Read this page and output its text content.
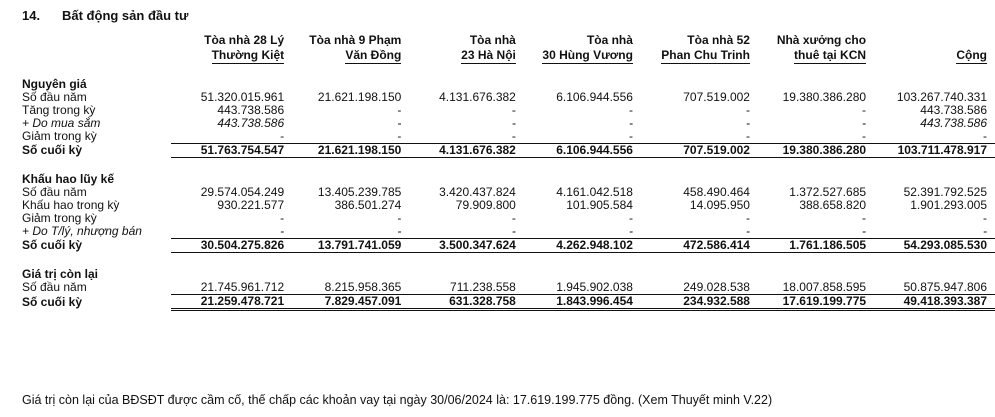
14. Bất động sản đầu tư
	Tòa nhà 28 Lý	Tòa nhà 9 Phạm	Tòa nhà	Tòa nhà	Tòa nhà 52	Nhà xưởng cho	
	Thường Kiệt	Văn Đồng	23 Hà Nội	30 Hùng Vương	Phan Chu Trinh	thuê tại KCN	Cộng

Nguyên giá							
Số đầu năm	51.320.015.961	21.621.198.150	4.131.676.382	6.106.944.556	707.519.002	19.380.386.280	103.267.740.331
Tăng trong kỳ	443.738.586	-	-	-	-	-	443.738.586
+ Do mua sắm	443.738.586	-	-	-	-	-	443.738.586
Giảm trong kỳ	-	-	-	-	-	-	-
Số cuối kỳ	51.763.754.547	21.621.198.150	4.131.676.382	6.106.944.556	707.519.002	19.380.386.280	103.711.478.917

Khấu hao lũy kế							
Số đầu năm	29.574.054.249	13.405.239.785	3.420.437.824	4.161.042.518	458.490.464	1.372.527.685	52.391.792.525
Khấu hao trong kỳ	930.221.577	386.501.274	79.909.800	101.905.584	14.095.950	388.658.820	1.901.293.005
Giảm trong kỳ	-	-	-	-	-	-	-
+ Do T/lý, nhượng bán	-	-	-	-	-	-	-
Số cuối kỳ	30.504.275.826	13.791.741.059	3.500.347.624	4.262.948.102	472.586.414	1.761.186.505	54.293.085.530

Giá trị còn lại							
Số đầu năm	21.745.961.712	8.215.958.365	711.238.558	1.945.902.038	249.028.538	18.007.858.595	50.875.947.806
Số cuối kỳ	21.259.478.721	7.829.457.091	631.328.758	1.843.996.454	234.932.588	17.619.199.775	49.418.393.387
Giá trị còn lại của BĐSĐT được cầm cố, thế chấp các khoản vay tại ngày 30/06/2024 là: 17.619.199.775 đồng. (Xem Thuyết minh V.22)
